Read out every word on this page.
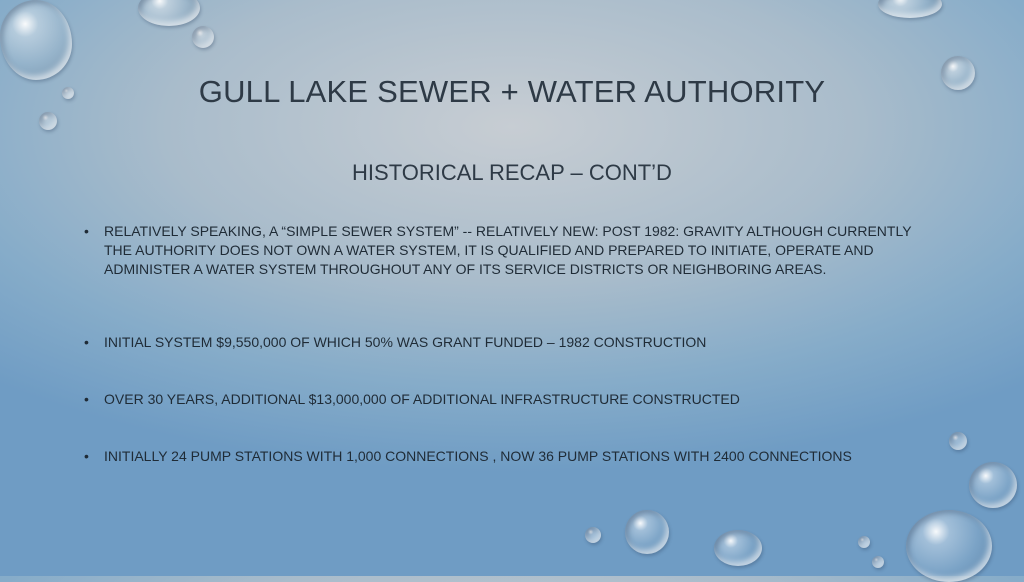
GULL LAKE SEWER + WATER AUTHORITY
HISTORICAL RECAP – CONT’D
•	RELATIVELY SPEAKING, A “SIMPLE SEWER SYSTEM” -- RELATIVELY NEW: POST 1982: GRAVITY ALTHOUGH CURRENTLY THE AUTHORITY DOES NOT OWN A WATER SYSTEM, IT IS QUALIFIED AND PREPARED TO INITIATE, OPERATE AND ADMINISTER A WATER SYSTEM THROUGHOUT ANY OF ITS SERVICE DISTRICTS OR NEIGHBORING AREAS.
•	INITIAL SYSTEM $9,550,000 OF WHICH 50% WAS GRANT FUNDED – 1982 CONSTRUCTION
•	OVER 30 YEARS, ADDITIONAL $13,000,000 OF ADDITIONAL INFRASTRUCTURE CONSTRUCTED
•	INITIALLY 24 PUMP STATIONS WITH 1,000 CONNECTIONS , NOW 36 PUMP STATIONS WITH 2400 CONNECTIONS
